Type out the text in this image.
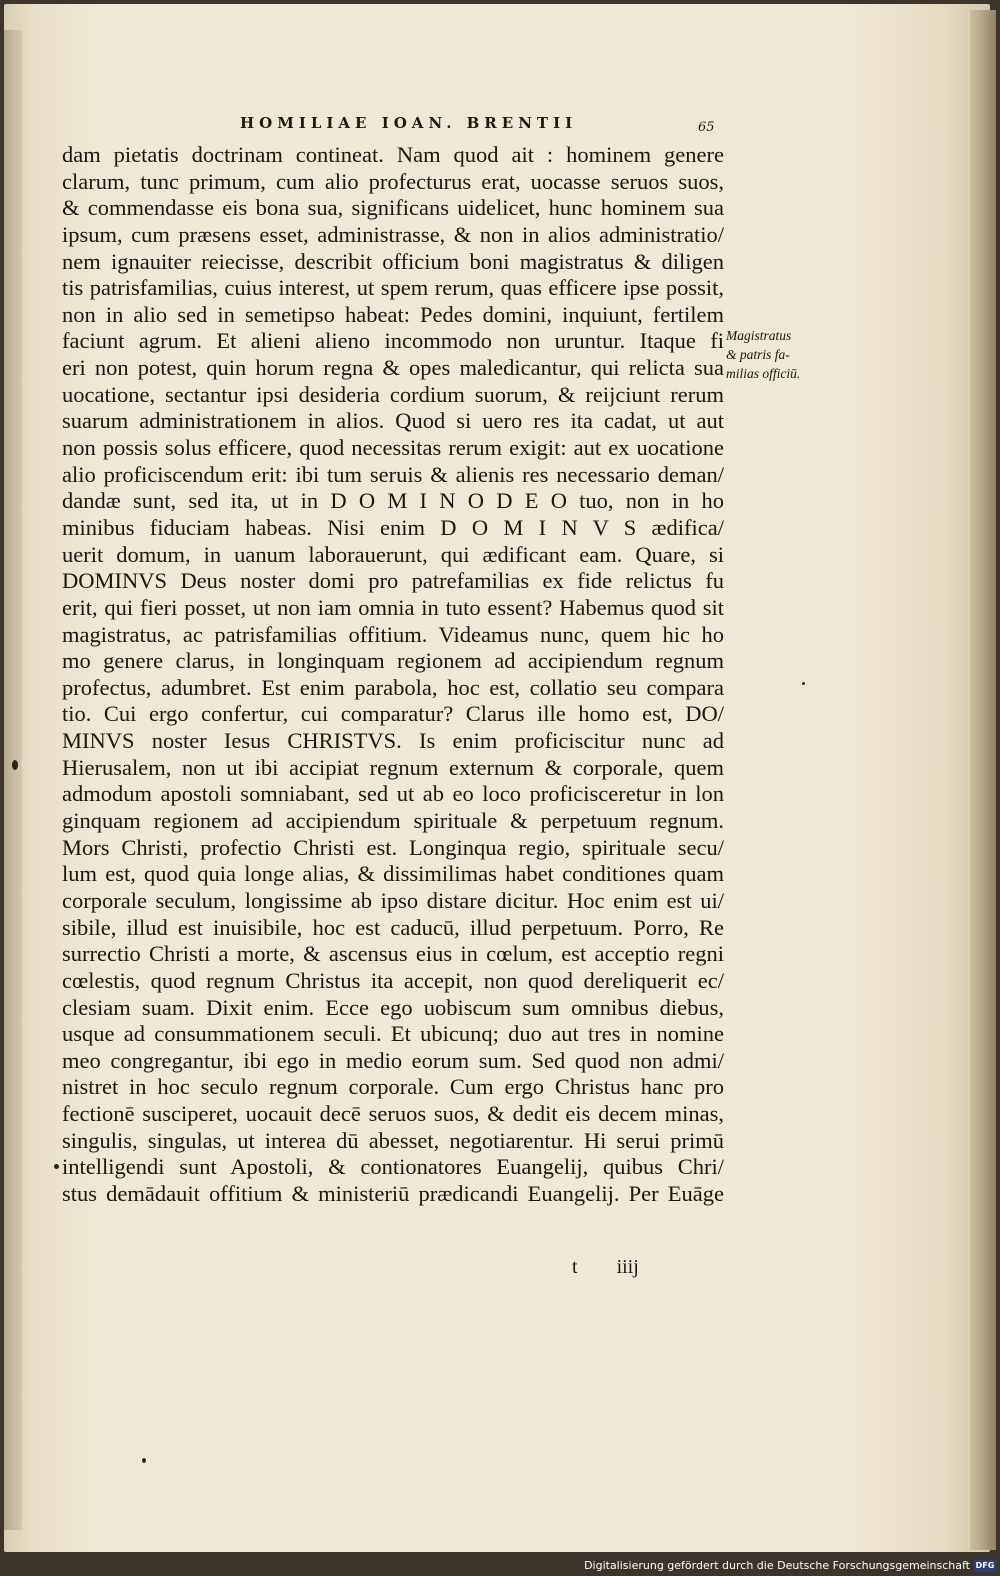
HOMILIAE IOAN. BRENTII	65
dam pietatis doctrinam contineat. Nam quod ait : hominem genere
clarum, tunc primum, cum alio profecturus erat, uocasse seruos suos,
& commendasse eis bona sua, significans uidelicet, hunc hominem sua
ipsum, cum præsens esset, administrasse, & non in alios administratio/
nem ignauiter reiecisse, describit officium boni magistratus & diligen
tis patrisfamilias, cuius interest, ut spem rerum, quas efficere ipse possit,
non in alio sed in semetipso habeat: Pedes domini, inquiunt, fertilem
faciunt agrum. Et alieni alieno incommodo non uruntur. Itaque fi
eri non potest, quin horum regna & opes maledicantur, qui relicta sua
uocatione, sectantur ipsi desideria cordium suorum, & reijciunt rerum
suarum administrationem in alios. Quod si uero res ita cadat, ut aut
non possis solus efficere, quod necessitas rerum exigit: aut ex uocatione
alio proficiscendum erit: ibi tum seruis & alienis res necessario deman/
dandæ sunt, sed ita, ut in D O M I N O D E O tuo, non in ho
minibus fiduciam habeas. Nisi enim D O M I N V S ædifica/
uerit domum, in uanum laborauerunt, qui ædificant eam. Quare, si
DOMINVS Deus noster domi pro patrefamilias ex fide relictus fu
erit, qui fieri posset, ut non iam omnia in tuto essent? Habemus quod sit
magistratus, ac patrisfamilias offitium. Videamus nunc, quem hic ho
mo genere clarus, in longinquam regionem ad accipiendum regnum
profectus, adumbret. Est enim parabola, hoc est, collatio seu compara
tio. Cui ergo confertur, cui comparatur? Clarus ille homo est, DO/
MINVS noster Iesus CHRISTVS. Is enim proficiscitur nunc ad
Hierusalem, non ut ibi accipiat regnum externum & corporale, quem
admodum apostoli somniabant, sed ut ab eo loco proficisceretur in lon
ginquam regionem ad accipiendum spirituale & perpetuum regnum.
Mors Christi, profectio Christi est. Longinqua regio, spirituale secu/
lum est, quod quia longe alias, & dissimilimas habet conditiones quam
corporale seculum, longissime ab ipso distare dicitur. Hoc enim est ui/
sibile, illud est inuisibile, hoc est caducū, illud perpetuum. Porro, Re
surrectio Christi a morte, & ascensus eius in cœlum, est acceptio regni
cœlestis, quod regnum Christus ita accepit, non quod dereliquerit ec/
clesiam suam. Dixit enim. Ecce ego uobiscum sum omnibus diebus,
usque ad consummationem seculi. Et ubicunq; duo aut tres in nomine
meo congregantur, ibi ego in medio eorum sum. Sed quod non admi/
nistret in hoc seculo regnum corporale. Cum ergo Christus hanc pro
fectionē susciperet, uocauit decē seruos suos, & dedit eis decem minas,
singulis, singulas, ut interea dū abesset, negotiarentur. Hi serui primū
intelligendi sunt Apostoli, & contionatores Euangelij, quibus Chri/
stus demādauit offitium & ministeriū prædicandi Euangelij. Per Euāge
Magistratus
& patris fa-
milias officiū.
t iiij
Digitalisierung gefördert durch die Deutsche Forschungsgemeinschaft DFG
